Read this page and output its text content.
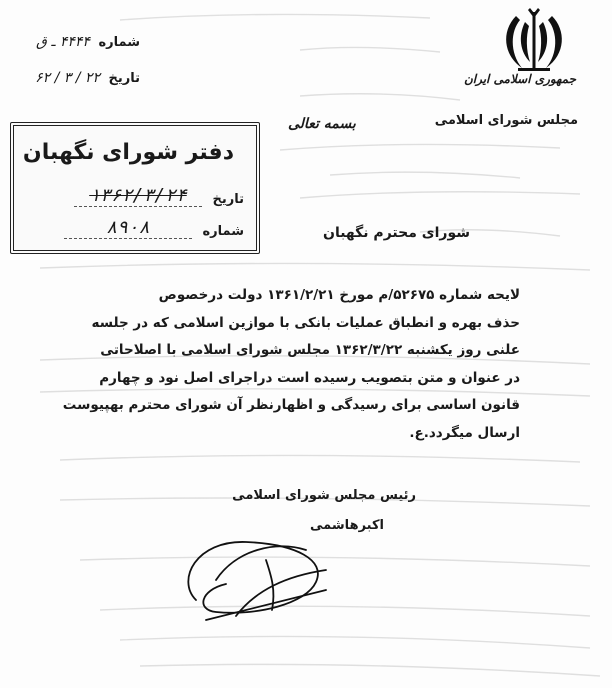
شماره ۴۴۴۴ ـ ق
تاریخ ۲۲ / ۳ / ۶۲	جمهوری اسلامی ایران
مجلس شورای اسلامی
بسمه تعالی
دفتر شورای نگهبان
تاریخ
۱۳۶۲/۳/۲۴
شماره
۸۹۰۸	شورای محترم نگهبان
لایحه شماره ۵۲۶۷۵/م مورخ ۱۳۶۱/۲/۲۱ دولت درخصوص
حذف بهره و انطباق عملیات بانکی با موازین اسلامی که در جلسه
علنی روز یکشنبه ۱۳۶۲/۳/۲۲ مجلس شورای اسلامی با اصلاحاتی
در عنوان و متن بتصویب رسیده است دراجرای اصل نود و چهارم
قانون اساسی برای رسیدگی و اظهارنظر آن شورای محترم بهپیوست
ارسال میگردد.ع.
رئیس مجلس شورای اسلامی
اکبرهاشمی
